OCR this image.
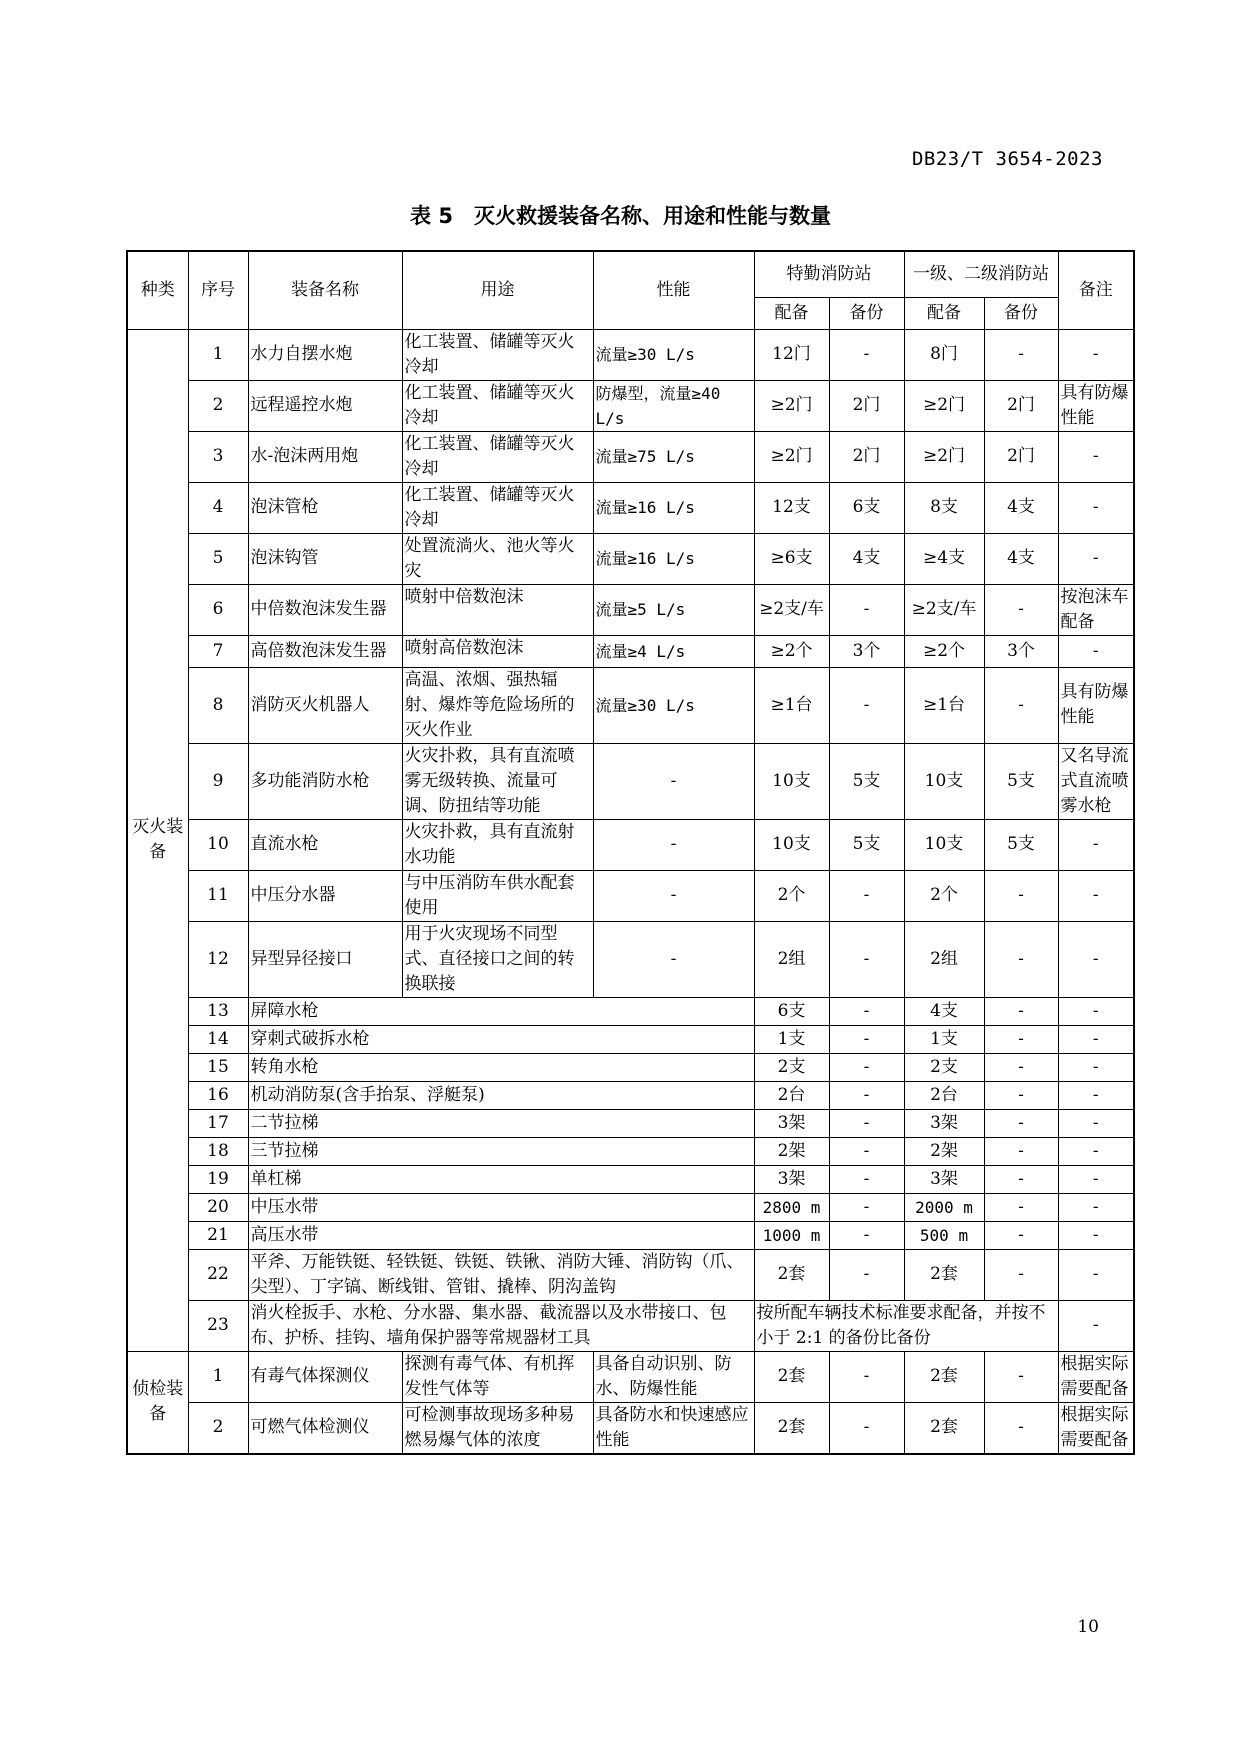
DB23/T 3654-2023
表 5　灭火救援装备名称、用途和性能与数量
种类	序号	装备名称	用途	性能	特勤消防站		一级、二级消防站		备注
					配备	备份	配备	备份	
灭火装备	1	水力自摆水炮	化工装置、储罐等灭火冷却	流量≥30 L/s	12门	-	8门	-	-
	2	远程遥控水炮	化工装置、储罐等灭火冷却	防爆型，流量≥40 L/s	≥2门	2门	≥2门	2门	具有防爆性能
	3	水-泡沫两用炮	化工装置、储罐等灭火冷却	流量≥75 L/s	≥2门	2门	≥2门	2门	-
	4	泡沫管枪	化工装置、储罐等灭火冷却	流量≥16 L/s	12支	6支	8支	4支	-
	5	泡沫钩管	处置流淌火、池火等火灾	流量≥16 L/s	≥6支	4支	≥4支	4支	-
	6	中倍数泡沫发生器	喷射中倍数泡沫	流量≥5 L/s	≥2支/车	-	≥2支/车	-	按泡沫车配备
	7	高倍数泡沫发生器	喷射高倍数泡沫	流量≥4 L/s	≥2个	3个	≥2个	3个	-
	8	消防灭火机器人	高温、浓烟、强热辐射、爆炸等危险场所的灭火作业	流量≥30 L/s	≥1台	-	≥1台	-	具有防爆性能
	9	多功能消防水枪	火灾扑救，具有直流喷雾无级转换、流量可调、防扭结等功能	-	10支	5支	10支	5支	又名导流式直流喷雾水枪
	10	直流水枪	火灾扑救，具有直流射水功能	-	10支	5支	10支	5支	-
	11	中压分水器	与中压消防车供水配套使用	-	2个	-	2个	-	-
	12	异型异径接口	用于火灾现场不同型式、直径接口之间的转换联接	-	2组	-	2组	-	-
	13	屏障水枪			6支	-	4支	-	-
	14	穿刺式破拆水枪			1支	-	1支	-	-
	15	转角水枪			2支	-	2支	-	-
	16	机动消防泵(含手抬泵、浮艇泵)			2台	-	2台	-	-
	17	二节拉梯			3架	-	3架	-	-
	18	三节拉梯			2架	-	2架	-	-
	19	单杠梯			3架	-	3架	-	-
	20	中压水带			2800 m	-	2000 m	-	-
	21	高压水带			1000 m	-	500 m	-	-
	22	平斧、万能铁铤、轻铁铤、铁铤、铁锹、消防大锤、消防钩（爪、尖型）、丁字镐、断线钳、管钳、撬棒、阴沟盖钩			2套	-	2套	-	-
	23	消火栓扳手、水枪、分水器、集水器、截流器以及水带接口、包布、护桥、挂钩、墙角保护器等常规器材工具			按所配车辆技术标准要求配备，并按不小于 2:1 的备份比备份				-
侦检装备	1	有毒气体探测仪	探测有毒气体、有机挥发性气体等	具备自动识别、防水、防爆性能	2套	-	2套	-	根据实际需要配备
	2	可燃气体检测仪	可检测事故现场多种易燃易爆气体的浓度	具备防水和快速感应性能	2套	-	2套	-	根据实际需要配备
10
